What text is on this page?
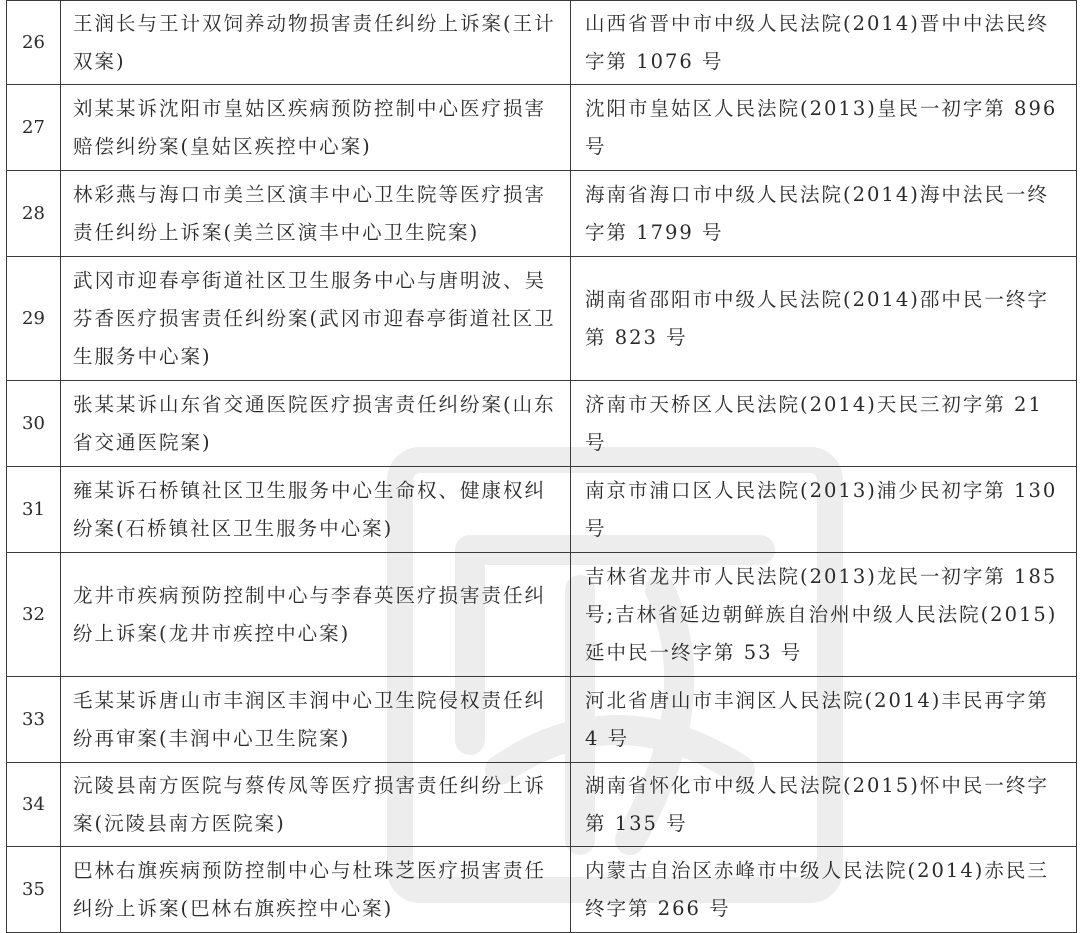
26	王润长与王计双饲养动物损害责任纠纷上诉案(王计双案)	山西省晋中市中级人民法院(2014)晋中中法民终字第 1076 号
27	刘某某诉沈阳市皇姑区疾病预防控制中心医疗损害赔偿纠纷案(皇姑区疾控中心案)	沈阳市皇姑区人民法院(2013)皇民一初字第 896 号
28	林彩燕与海口市美兰区演丰中心卫生院等医疗损害责任纠纷上诉案(美兰区演丰中心卫生院案)	海南省海口市中级人民法院(2014)海中法民一终字第 1799 号
29	武冈市迎春亭街道社区卫生服务中心与唐明波、吴芬香医疗损害责任纠纷案(武冈市迎春亭街道社区卫生服务中心案)	湖南省邵阳市中级人民法院(2014)邵中民一终字第 823 号
30	张某某诉山东省交通医院医疗损害责任纠纷案(山东省交通医院案)	济南市天桥区人民法院(2014)天民三初字第 21 号
31	雍某诉石桥镇社区卫生服务中心生命权、健康权纠纷案(石桥镇社区卫生服务中心案)	南京市浦口区人民法院(2013)浦少民初字第 130 号
32	龙井市疾病预防控制中心与李春英医疗损害责任纠纷上诉案(龙井市疾控中心案)	吉林省龙井市人民法院(2013)龙民一初字第 185 号;吉林省延边朝鲜族自治州中级人民法院(2015)延中民一终字第 53 号
33	毛某某诉唐山市丰润区丰润中心卫生院侵权责任纠纷再审案(丰润中心卫生院案)	河北省唐山市丰润区人民法院(2014)丰民再字第 4 号
34	沅陵县南方医院与蔡传凤等医疗损害责任纠纷上诉案(沅陵县南方医院案)	湖南省怀化市中级人民法院(2015)怀中民一终字第 135 号
35	巴林右旗疾病预防控制中心与杜珠芝医疗损害责任纠纷上诉案(巴林右旗疾控中心案)	内蒙古自治区赤峰市中级人民法院(2014)赤民三终字第 266 号
